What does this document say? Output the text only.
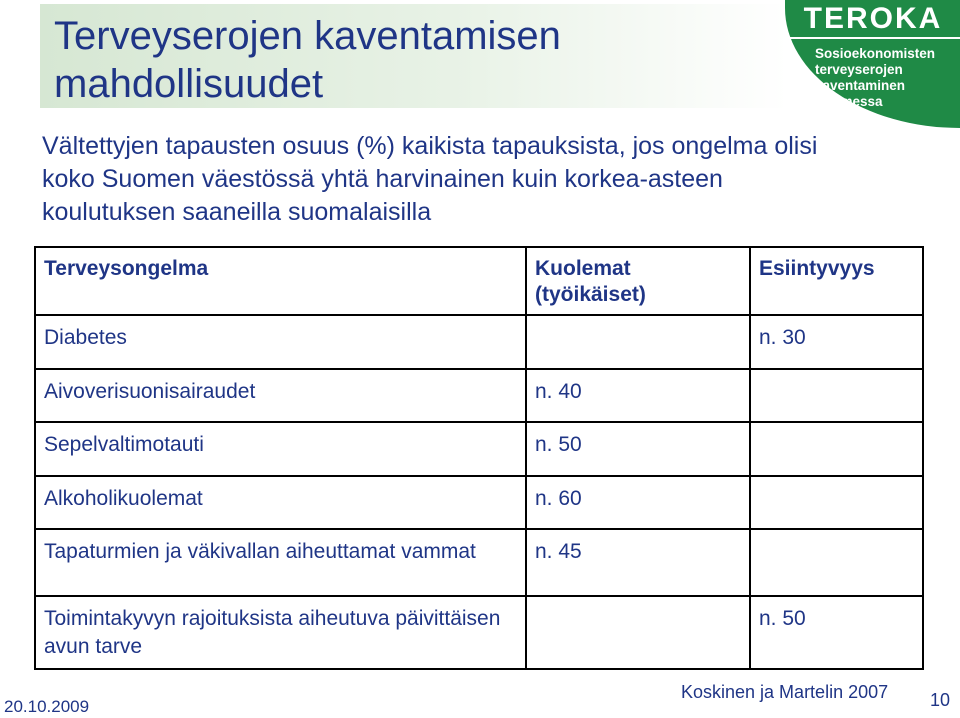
Terveyserojen kaventamisen
mahdollisuudet
TEROKA
Sosioekonomisten
terveyserojen
kaventaminen
Suomessa
Vältettyjen tapausten osuus (%) kaikista tapauksista, jos ongelma olisi koko Suomen väestössä yhtä harvinainen kuin korkea-asteen koulutuksen saaneilla suomalaisilla
Terveysongelma	Kuolemat (työikäiset)	Esiintyvyys
Diabetes		n. 30
Aivoverisuonisairaudet	n. 40	
Sepelvaltimotauti	n. 50	
Alkoholikuolemat	n. 60	
Tapaturmien ja väkivallan aiheuttamat vammat	n. 45	
Toimintakyvyn rajoituksista aiheutuva päivittäisen avun tarve		n. 50
20.10.2009
Koskinen ja Martelin 2007 10
